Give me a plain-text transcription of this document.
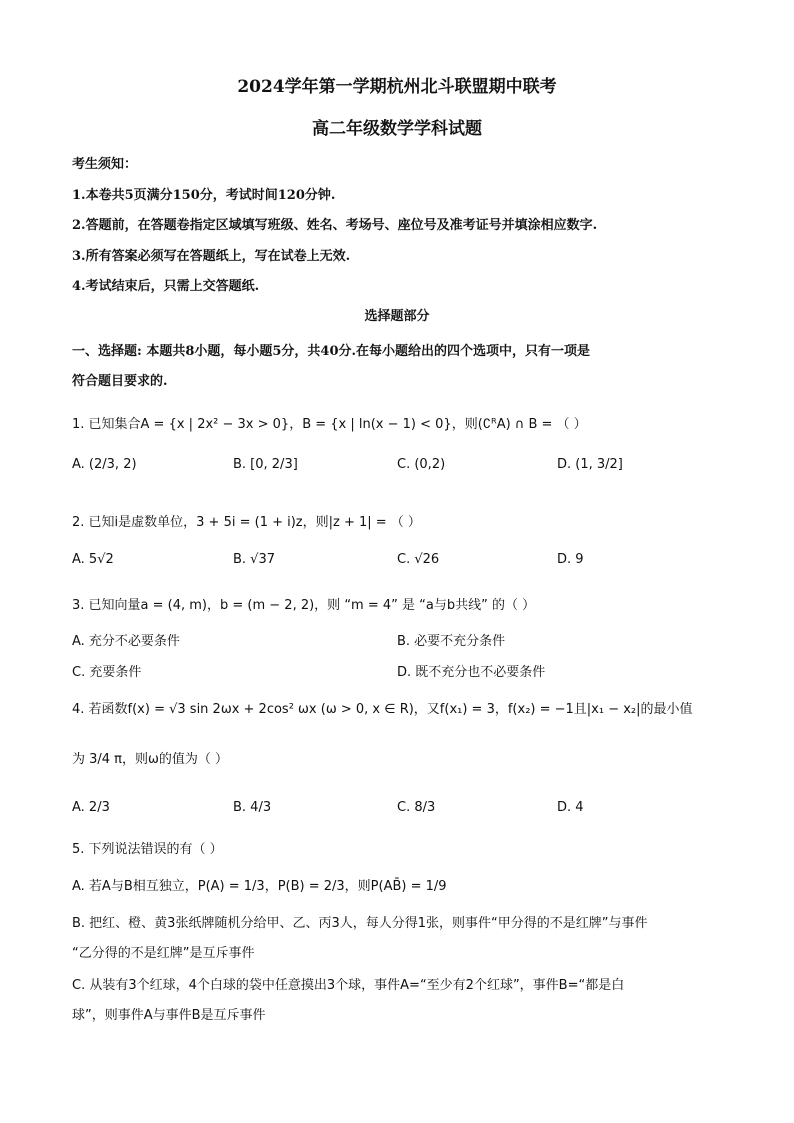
2024学年第一学期杭州北斗联盟期中联考
高二年级数学学科试题
考生须知：
1.本卷共5页满分150分，考试时间120分钟.
2.答题前，在答题卷指定区域填写班级、姓名、考场号、座位号及准考证号并填涂相应数字.
3.所有答案必须写在答题纸上，写在试卷上无效.
4.考试结束后，只需上交答题纸.
选择题部分
一、选择题: 本题共8小题，每小题5分，共40分.在每小题给出的四个选项中，只有一项是
符合题目要求的.
1. 已知集合A = {x | 2x² − 3x > 0}，B = {x | ln(x − 1) < 0}，则(∁ᴿA) ∩ B = （ ）
A. (2/3, 2)	B. [0, 2/3]	C. (0,2)	D. (1, 3/2]
2. 已知i是虚数单位，3 + 5i = (1 + i)z，则|z + 1| = （ ）
A. 5√2	B. √37	C. √26	D. 9
3. 已知向量a = (4, m)，b = (m − 2, 2)，则 “m = 4” 是 “a与b共线” 的（ ）
A. 充分不必要条件	B. 必要不充分条件
C. 充要条件	D. 既不充分也不必要条件
4. 若函数f(x) = √3 sin 2ωx + 2cos² ωx (ω > 0, x ∈ R)，又f(x₁) = 3，f(x₂) = −1且|x₁ − x₂|的最小值
为 3/4 π，则ω的值为（ ）
A. 2/3	B. 4/3	C. 8/3	D. 4
5. 下列说法错误的有（ ）
A. 若A与B相互独立，P(A) = 1/3，P(B) = 2/3，则P(AB̄) = 1/9
B. 把红、橙、黄3张纸牌随机分给甲、乙、丙3人，每人分得1张，则事件“甲分得的不是红牌”与事件
“乙分得的不是红牌”是互斥事件
C. 从装有3个红球，4个白球的袋中任意摸出3个球，事件A=“至少有2个红球”，事件B=“都是白
球”，则事件A与事件B是互斥事件
